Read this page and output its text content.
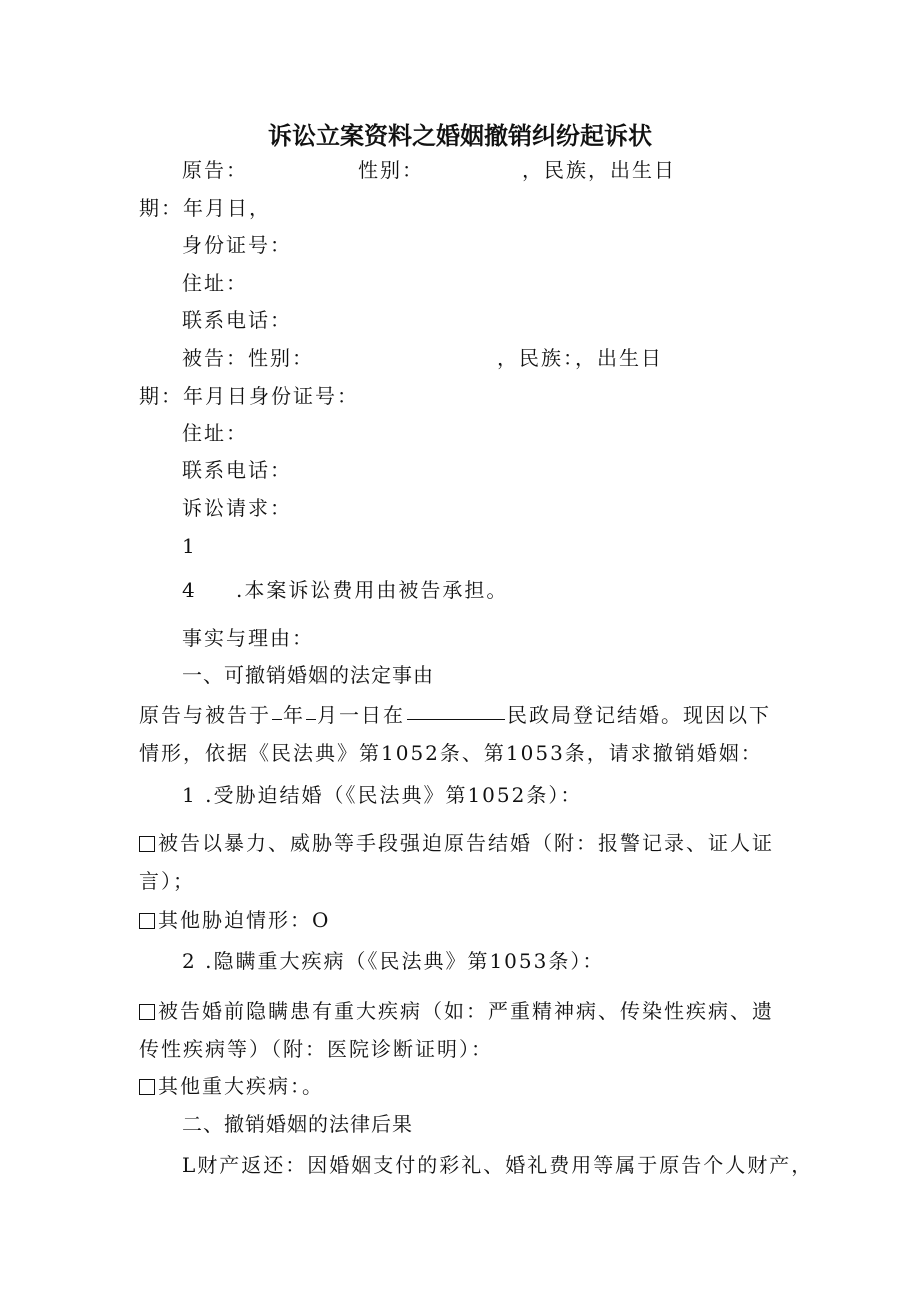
诉讼立案资料之婚姻撤销纠纷起诉状
原告：	性别：	，民族，出生日
期：年月日，
身份证号：
住址：
联系电话：
被告：性别：	，民族：，出生日
期：年月日身份证号：
住址：
联系电话：
诉讼请求：
1
4 .本案诉讼费用由被告承担。
事实与理由：
一、可撤销婚姻的法定事由
原告与被告于 年 月一日在	民政局登记结婚。现因以下
情形，依据《民法典》第1052条、第1053条，请求撤销婚姻：
1 .受胁迫结婚（《民法典》第1052条）：
被告以暴力、威胁等手段强迫原告结婚（附：报警记录、证人证
言）；
其他胁迫情形：O
2 .隐瞒重大疾病（《民法典》第1053条）：
被告婚前隐瞒患有重大疾病（如：严重精神病、传染性疾病、遗
传性疾病等）（附：医院诊断证明）：
其他重大疾病：。
二、撤销婚姻的法律后果
L财产返还：因婚姻支付的彩礼、婚礼费用等属于原告个人财产，
